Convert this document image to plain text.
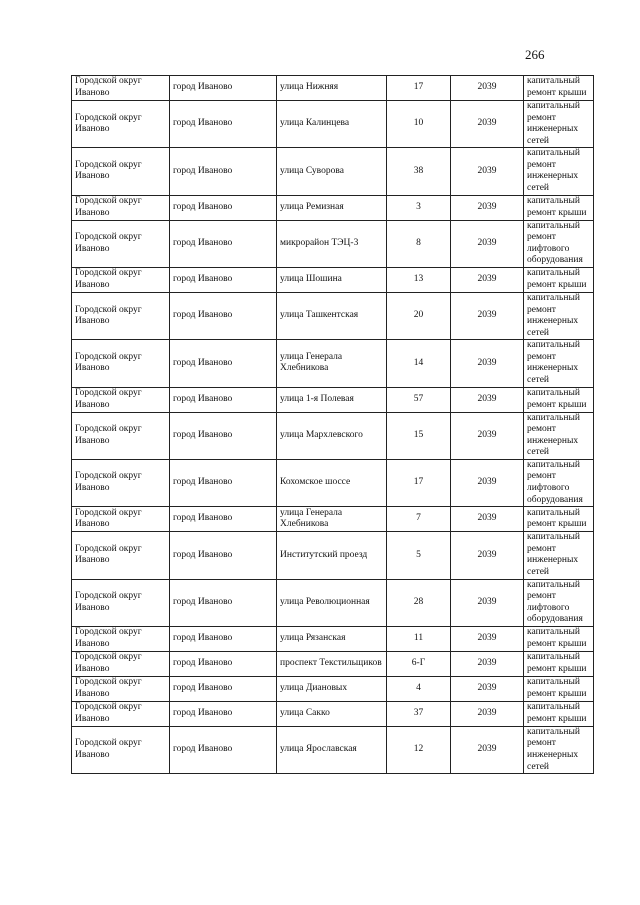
266
Городской округ Иваново	город Иваново	улица Нижняя	17	2039	капитальный ремонт крыши
Городской округ Иваново	город Иваново	улица Калинцева	10	2039	капитальный ремонт инженерных сетей
Городской округ Иваново	город Иваново	улица Суворова	38	2039	капитальный ремонт инженерных сетей
Городской округ Иваново	город Иваново	улица Ремизная	3	2039	капитальный ремонт крыши
Городской округ Иваново	город Иваново	микрорайон ТЭЦ-3	8	2039	капитальный ремонт лифтового оборудования
Городской округ Иваново	город Иваново	улица Шошина	13	2039	капитальный ремонт крыши
Городской округ Иваново	город Иваново	улица Ташкентская	20	2039	капитальный ремонт инженерных сетей
Городской округ Иваново	город Иваново	улица Генерала Хлебникова	14	2039	капитальный ремонт инженерных сетей
Городской округ Иваново	город Иваново	улица 1-я Полевая	57	2039	капитальный ремонт крыши
Городской округ Иваново	город Иваново	улица Мархлевского	15	2039	капитальный ремонт инженерных сетей
Городской округ Иваново	город Иваново	Кохомское шоссе	17	2039	капитальный ремонт лифтового оборудования
Городской округ Иваново	город Иваново	улица Генерала Хлебникова	7	2039	капитальный ремонт крыши
Городской округ Иваново	город Иваново	Институтский проезд	5	2039	капитальный ремонт инженерных сетей
Городской округ Иваново	город Иваново	улица Революционная	28	2039	капитальный ремонт лифтового оборудования
Городской округ Иваново	город Иваново	улица Рязанская	11	2039	капитальный ремонт крыши
Городской округ Иваново	город Иваново	проспект Текстильщиков	6-Г	2039	капитальный ремонт крыши
Городской округ Иваново	город Иваново	улица Диановых	4	2039	капитальный ремонт крыши
Городской округ Иваново	город Иваново	улица Сакко	37	2039	капитальный ремонт крыши
Городской округ Иваново	город Иваново	улица Ярославская	12	2039	капитальный ремонт инженерных сетей
